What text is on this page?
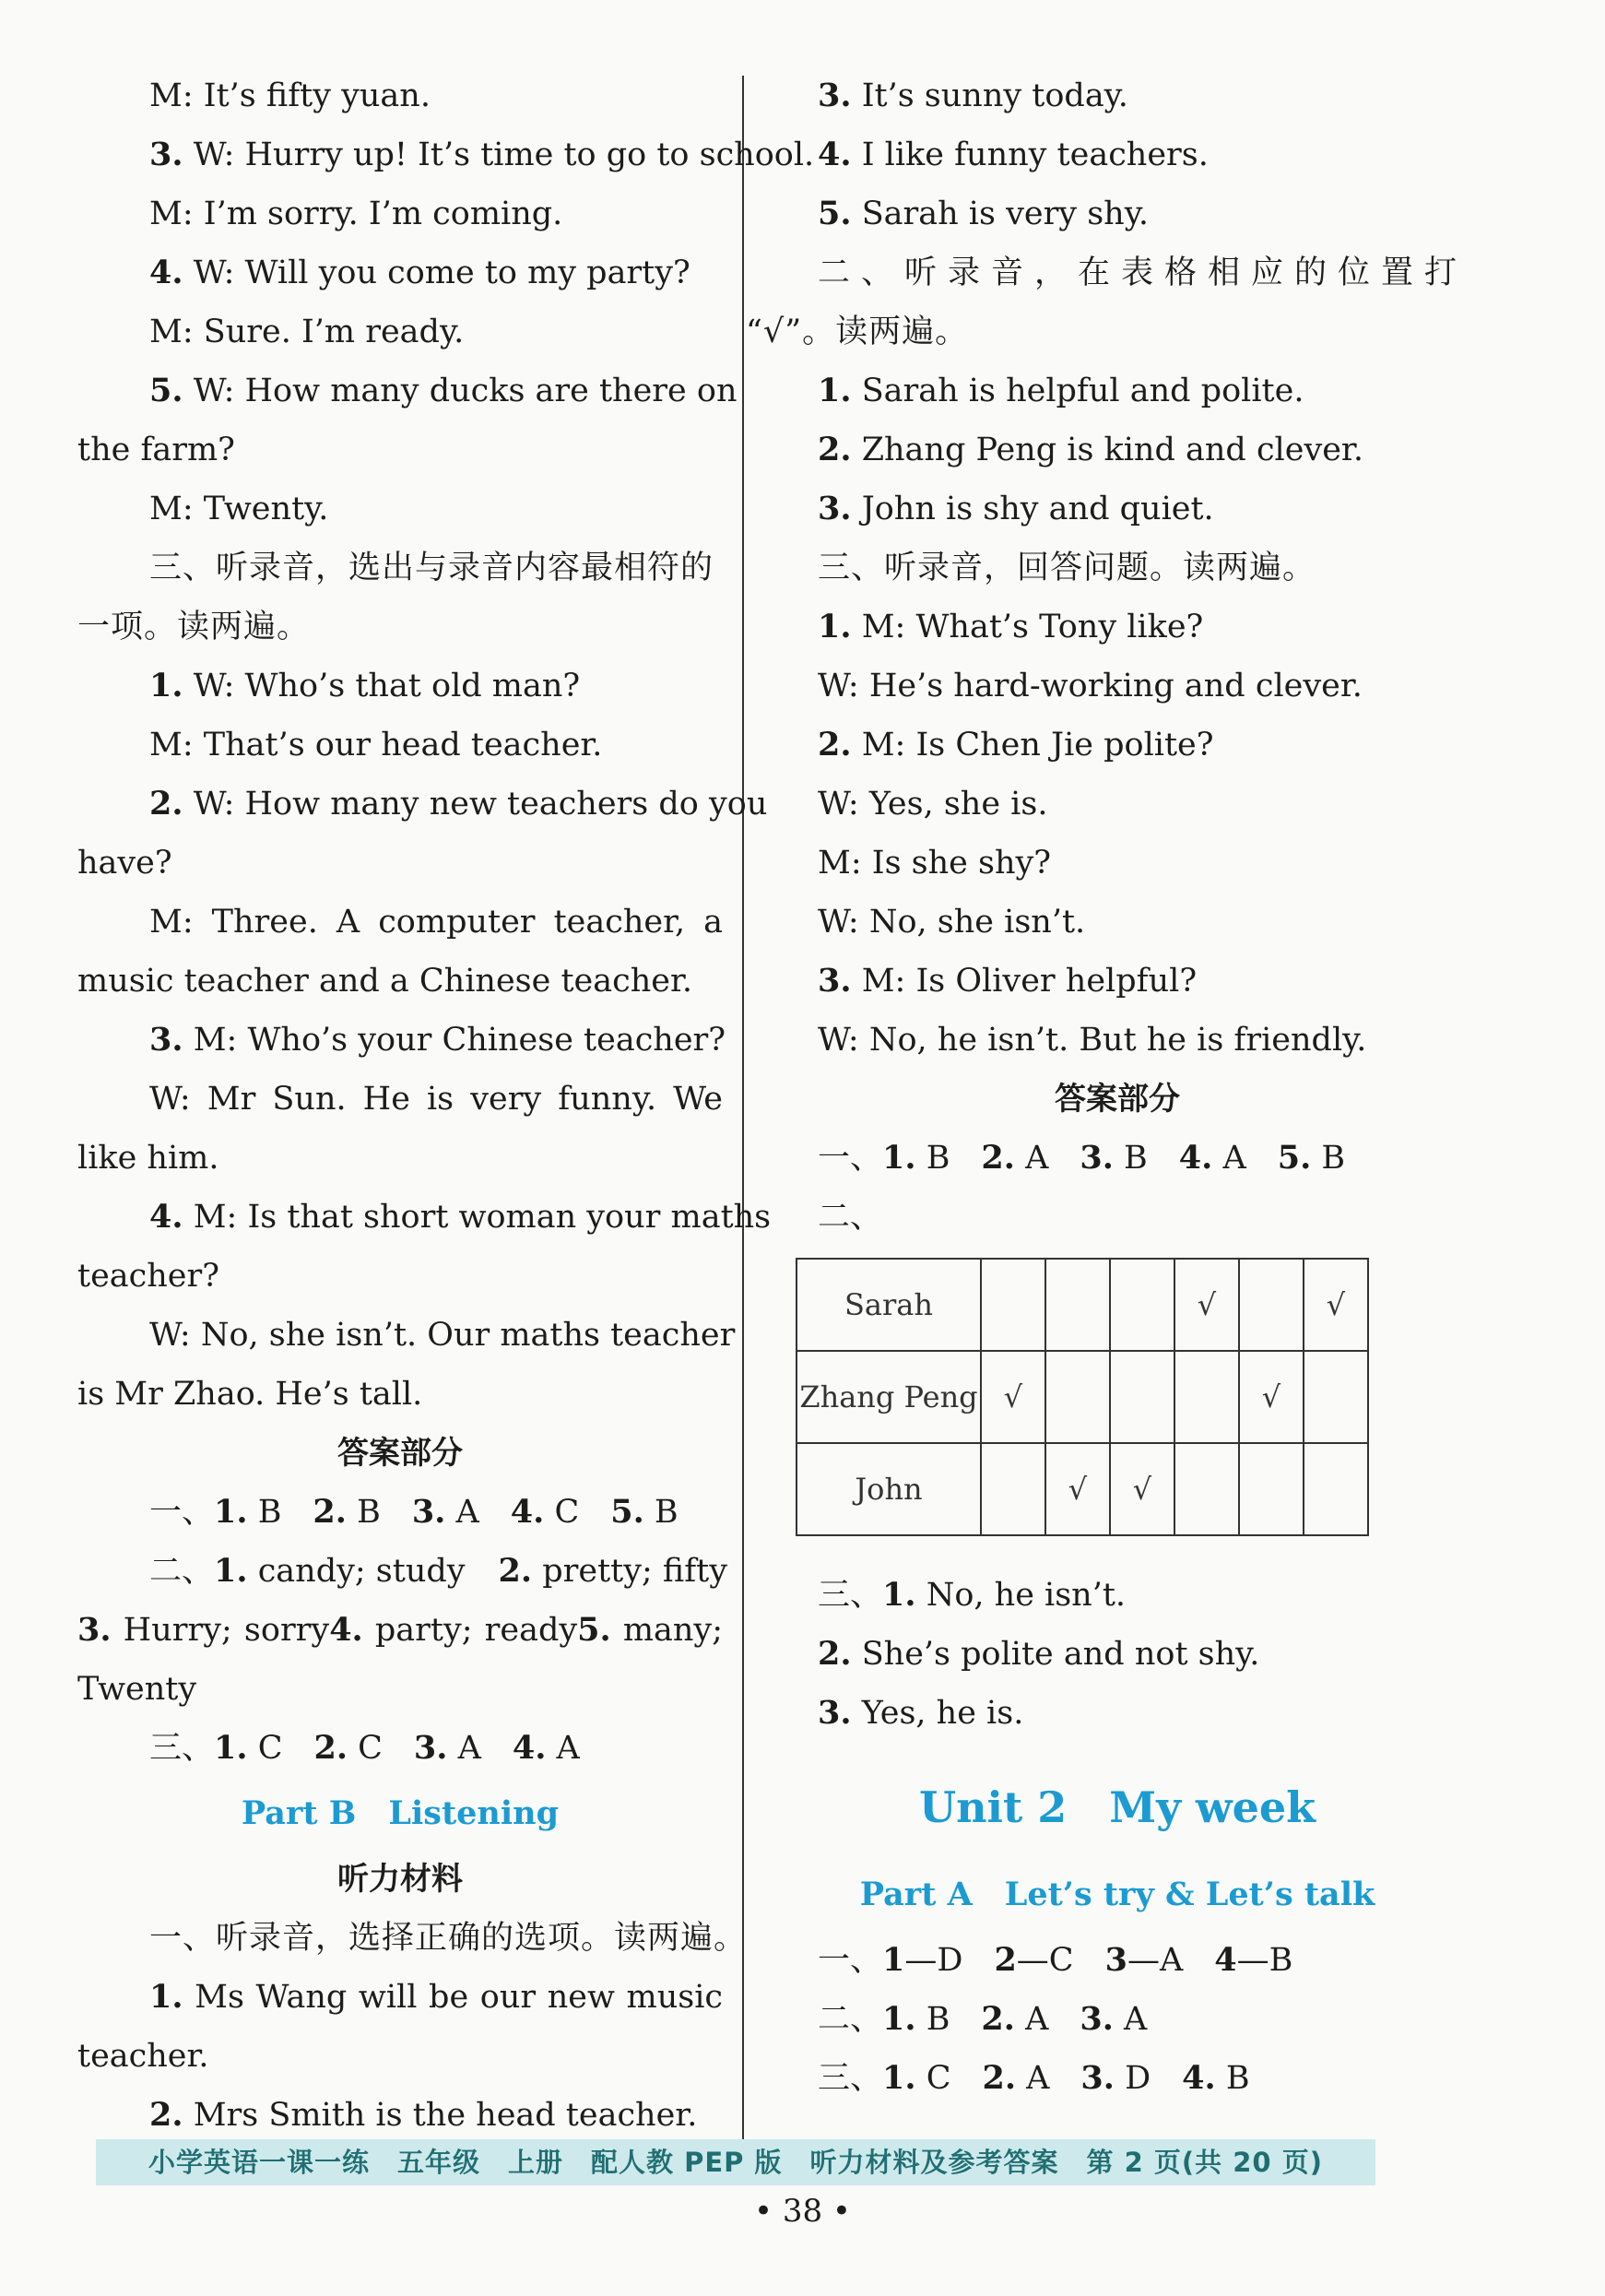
M: It’s fifty yuan.
3. W: Hurry up! It’s time to go to school.
M: I’m sorry. I’m coming.
4. W: Will you come to my party?
M: Sure. I’m ready.
5. W: How many ducks are there on
the farm?
M: Twenty.
三、听录音，选出与录音内容最相符的
一项。读两遍。
1. W: Who’s that old man?
M: That’s our head teacher.
2. W: How many new teachers do you
have?
M: Three. A computer teacher, a
music teacher and a Chinese teacher.
3. M: Who’s your Chinese teacher?
W: Mr Sun. He is very funny. We
like him.
4. M: Is that short woman your maths
teacher?
W: No, she isn’t. Our maths teacher
is Mr Zhao. He’s tall.
答案部分
一、1. B 2. B 3. A 4. C 5. B
二、1. candy; study 2. pretty; fifty
3. Hurry; sorry4. party; ready5. many;
Twenty
三、1. C 2. C 3. A 4. A
Part B　Listening
听力材料
一、听录音，选择正确的选项。读两遍。
1. Ms Wang will be our new music
teacher.
2. Mrs Smith is the head teacher.
3. It’s sunny today.
4. I like funny teachers.
5. Sarah is very shy.
二、听录音，在表格相应的位置打
“√”。读两遍。
1. Sarah is helpful and polite.
2. Zhang Peng is kind and clever.
3. John is shy and quiet.
三、听录音，回答问题。读两遍。
1. M: What’s Tony like?
W: He’s hard-working and clever.
2. M: Is Chen Jie polite?
W: Yes, she is.
M: Is she shy?
W: No, she isn’t.
3. M: Is Oliver helpful?
W: No, he isn’t. But he is friendly.
答案部分
一、1. B 2. A 3. B 4. A 5. B
二、
Sarah				√		√
Zhang Peng	√				√	
John		√	√			
三、1. No, he isn’t.
2. She’s polite and not shy.
3. Yes, he is.
Unit 2　My week
Part A　Let’s try & Let’s talk
一、1—D 2—C 3—A 4—B
二、1. B 2. A 3. A
三、1. C 2. A 3. D 4. B
小学英语一课一练　五年级　上册　配人教 PEP 版　听力材料及参考答案　第 2 页(共 20 页)
• 38 •
